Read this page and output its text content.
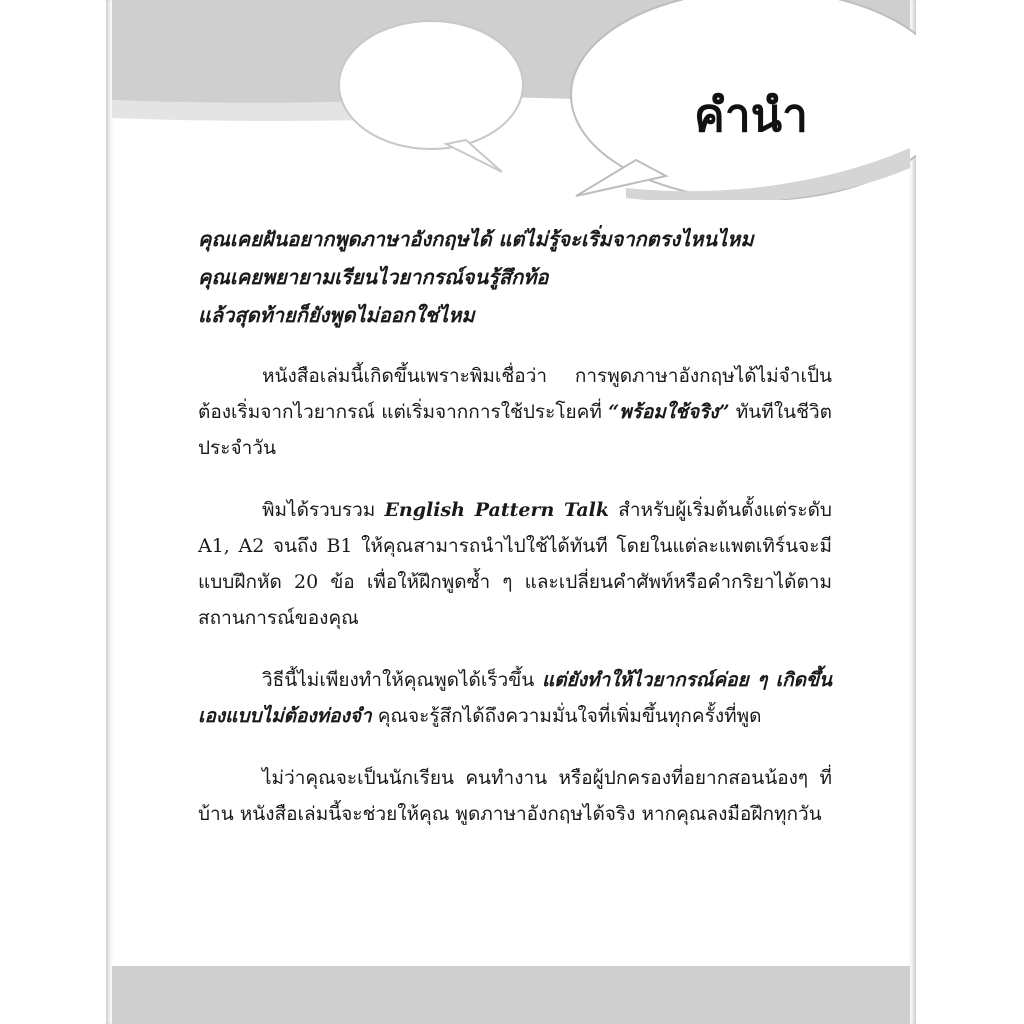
คำนำ

คุณเคยฝันอยากพูดภาษาอังกฤษได้ แต่ไม่รู้จะเริ่มจากตรงไหนไหม

คุณเคยพยายามเรียนไวยากรณ์จนรู้สึกท้อ

แล้วสุดท้ายก็ยังพูดไม่ออกใช่ไหม

หนังสือเล่มนี้เกิดขึ้นเพราะพิมเชื่อว่า การพูดภาษาอังกฤษได้ไม่จำเป็นต้องเริ่มจากไวยากรณ์ แต่เริ่มจากการใช้ประโยคที่ “พร้อมใช้จริง” ทันทีในชีวิตประจำวัน

พิมได้รวบรวม English Pattern Talk สำหรับผู้เริ่มต้นตั้งแต่ระดับ A1, A2 จนถึง B1 ให้คุณสามารถนำไปใช้ได้ทันที โดยในแต่ละแพตเทิร์นจะมี แบบฝึกหัด 20 ข้อ เพื่อให้ฝึกพูดซ้ำ ๆ และเปลี่ยนคำศัพท์หรือคำกริยาได้ตามสถานการณ์ของคุณ

วิธีนี้ไม่เพียงทำให้คุณพูดได้เร็วขึ้น แต่ยังทำให้ไวยากรณ์ค่อย ๆ เกิดขึ้นเองแบบไม่ต้องท่องจำ คุณจะรู้สึกได้ถึงความมั่นใจที่เพิ่มขึ้นทุกครั้งที่พูด

ไม่ว่าคุณจะเป็นนักเรียน คนทำงาน หรือผู้ปกครองที่อยากสอนน้องๆ ที่บ้าน หนังสือเล่มนี้จะช่วยให้คุณ พูดภาษาอังกฤษได้จริง หากคุณลงมือฝึกทุกวัน
